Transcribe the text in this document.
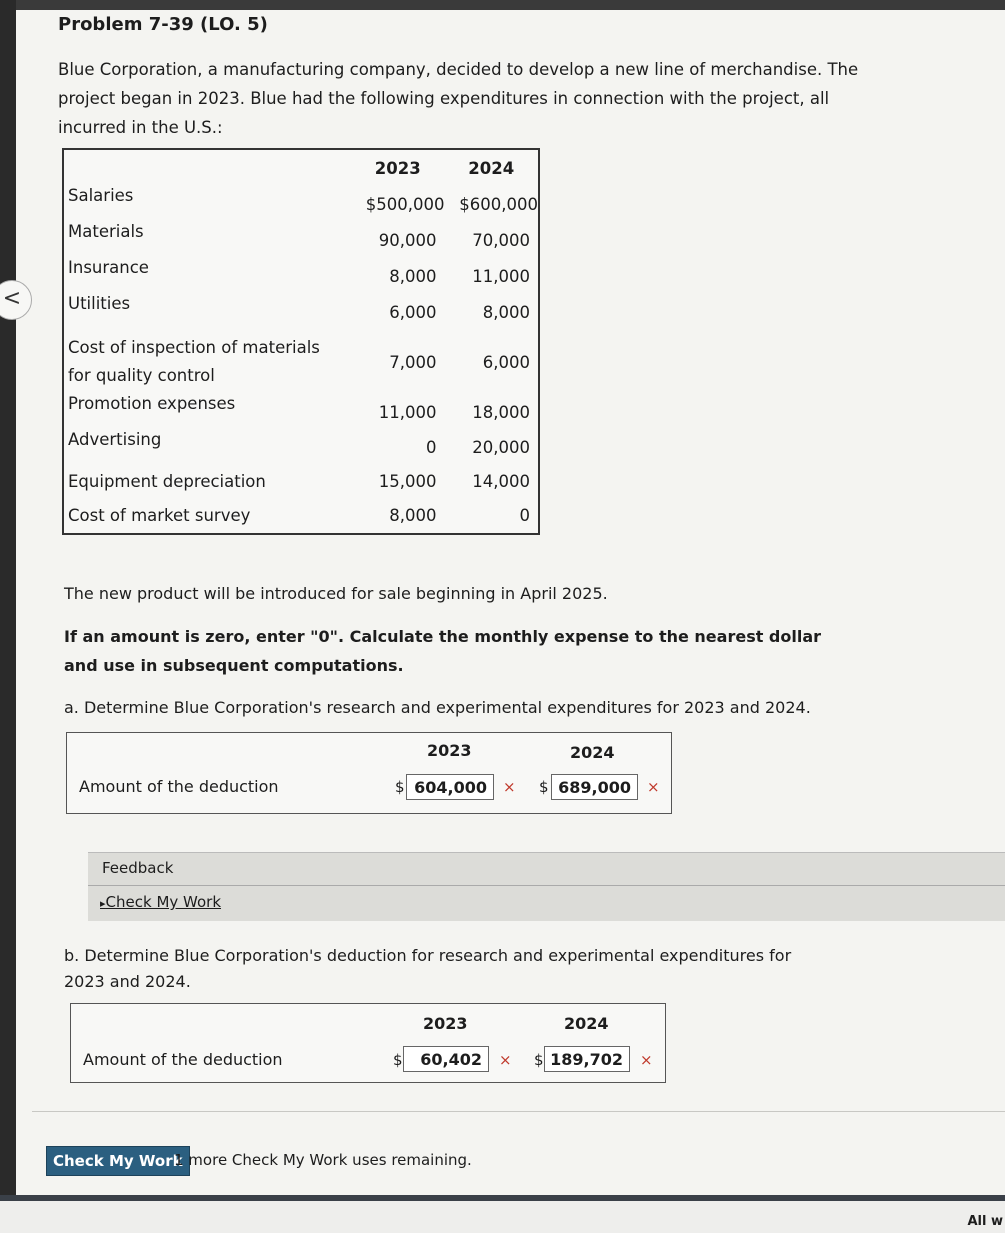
Problem 7-39 (LO. 5)
Blue Corporation, a manufacturing company, decided to develop a new line of merchandise. The project began in 2023. Blue had the following expenditures in connection with the project, all incurred in the U.S.:
	2023	2024
Salaries	$500,000	$600,000
Materials	90,000	70,000
Insurance	8,000	11,000
Utilities	6,000	8,000
Cost of inspection of materials
for quality control	7,000	6,000
Promotion expenses	11,000	18,000
Advertising	0	20,000
Equipment depreciation	15,000	14,000
Cost of market survey	8,000	0
The new product will be introduced for sale beginning in April 2025.
If an amount is zero, enter "0". Calculate the monthly expense to the nearest dollar
and use in subsequent computations.
a. Determine Blue Corporation's research and experimental expenditures for 2023 and 2024.
2023	2024
Amount of the deduction	$ 604,000	× $ 689,000	×
Feedback
▸Check My Work
b. Determine Blue Corporation's deduction for research and experimental expenditures for
2023 and 2024.
2023	2024
Amount of the deduction	$	60,402	× $ 189,702	×
Check My Work
1 more Check My Work uses remaining.
<
All w
